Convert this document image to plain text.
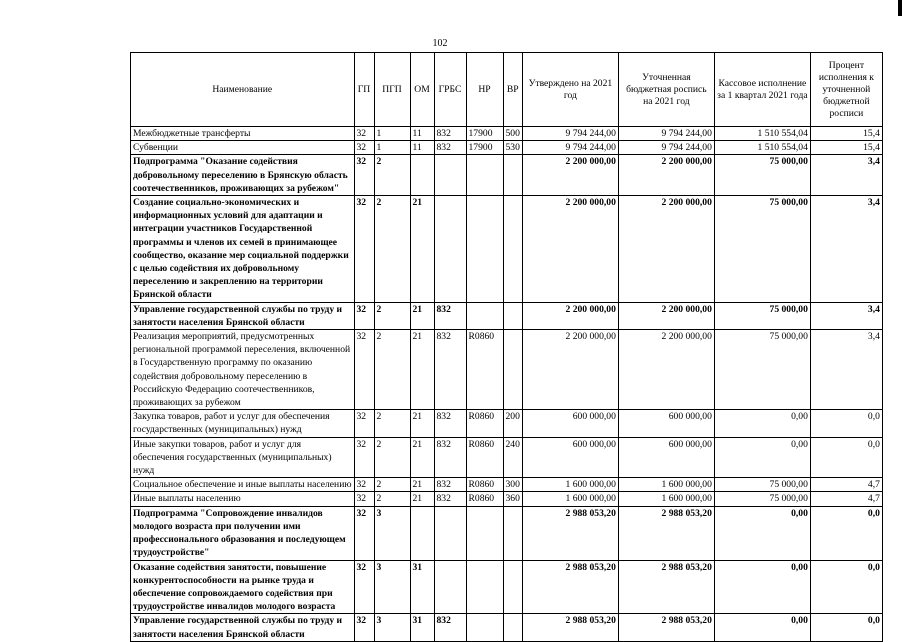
102
Наименование	ГП	ПГП	ОМ	ГРБС	НР	ВР	Утверждено на 2021 год	Уточненная бюджетная роспись на 2021 год	Кассовое исполнение за 1 квартал 2021 года	Процент исполнения к уточненной бюджетной росписи
Межбюджетные трансферты	32	1	11	832	17900	500	9 794 244,00	9 794 244,00	1 510 554,04	15,4
Субвенции	32	1	11	832	17900	530	9 794 244,00	9 794 244,00	1 510 554,04	15,4
Подпрограмма "Оказание содействия добровольному переселению в Брянскую область соотечественников, проживающих за рубежом"	32	2					2 200 000,00	2 200 000,00	75 000,00	3,4
Создание социально-экономических и информационных условий для адаптации и интеграции участников Государственной программы и членов их семей в принимающее сообщество, оказание мер социальной поддержки с целью содействия их добровольному переселению и закреплению на территории Брянской области	32	2	21				2 200 000,00	2 200 000,00	75 000,00	3,4
Управление государственной службы по труду и занятости населения Брянской области	32	2	21	832			2 200 000,00	2 200 000,00	75 000,00	3,4
Реализация мероприятий, предусмотренных региональной программой переселения, включенной в Государственную программу по оказанию содействия добровольному переселению в Российскую Федерацию соотечественников, проживающих за рубежом	32	2	21	832	R0860		2 200 000,00	2 200 000,00	75 000,00	3,4
Закупка товаров, работ и услуг для обеспечения государственных (муниципальных) нужд	32	2	21	832	R0860	200	600 000,00	600 000,00	0,00	0,0
Иные закупки товаров, работ и услуг для обеспечения государственных (муниципальных) нужд	32	2	21	832	R0860	240	600 000,00	600 000,00	0,00	0,0
Социальное обеспечение и иные выплаты населению	32	2	21	832	R0860	300	1 600 000,00	1 600 000,00	75 000,00	4,7
Иные выплаты населению	32	2	21	832	R0860	360	1 600 000,00	1 600 000,00	75 000,00	4,7
Подпрограмма "Сопровождение инвалидов молодого возраста при получении ими профессионального образования и последующем трудоустройстве"	32	3					2 988 053,20	2 988 053,20	0,00	0,0
Оказание содействия занятости, повышение конкурентоспособности на рынке труда и обеспечение сопровождаемого содействия при трудоустройстве инвалидов молодого возраста	32	3	31				2 988 053,20	2 988 053,20	0,00	0,0
Управление государственной службы по труду и занятости населения Брянской области	32	3	31	832			2 988 053,20	2 988 053,20	0,00	0,0
